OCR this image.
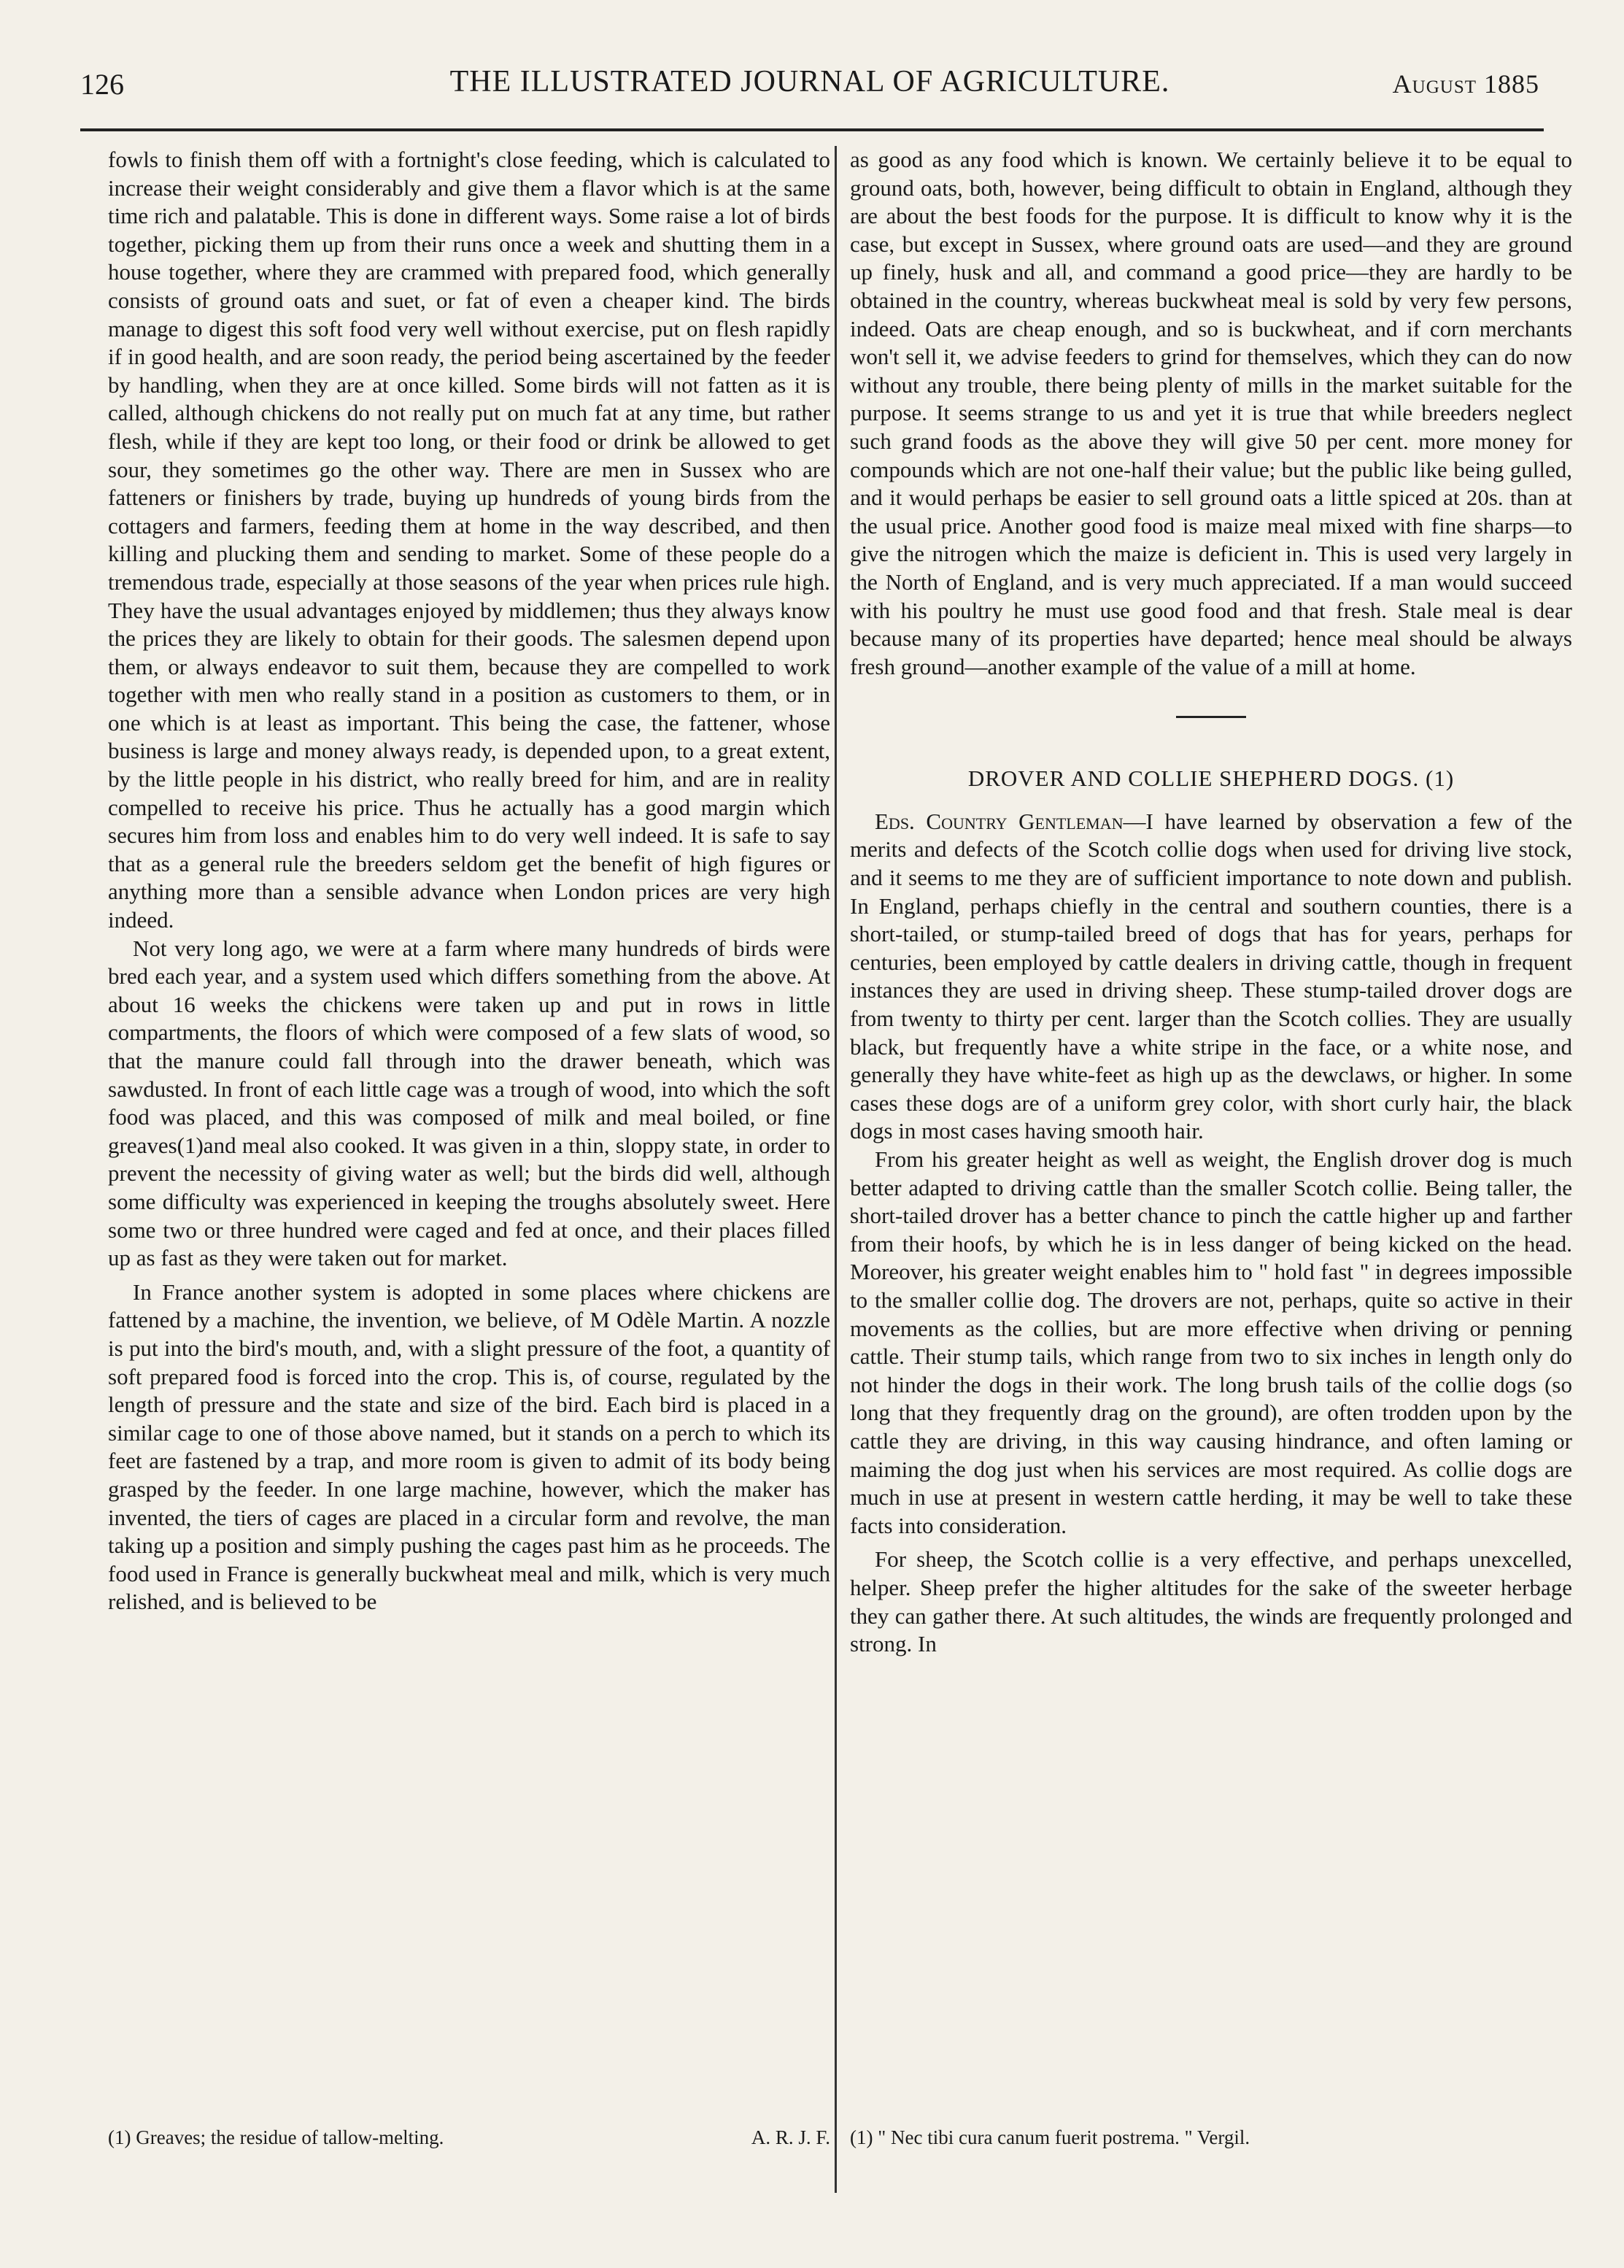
126	THE ILLUSTRATED JOURNAL OF AGRICULTURE.	August 1885

fowls to finish them off with a fortnight's close feeding, which is calculated to increase their weight considerably and give them a flavor which is at the same time rich and palatable. This is done in different ways. Some raise a lot of birds together, picking them up from their runs once a week and shutting them in a house together, where they are crammed with prepared food, which generally consists of ground oats and suet, or fat of even a cheaper kind. The birds manage to digest this soft food very well without exercise, put on flesh rapidly if in good health, and are soon ready, the period being ascertained by the feeder by handling, when they are at once killed. Some birds will not fatten as it is called, although chickens do not really put on much fat at any time, but rather flesh, while if they are kept too long, or their food or drink be allowed to get sour, they sometimes go the other way. There are men in Sussex who are fatteners or finishers by trade, buying up hundreds of young birds from the cottagers and farmers, feeding them at home in the way described, and then killing and plucking them and sending to market. Some of these people do a tremendous trade, especially at those seasons of the year when prices rule high. They have the usual advantages enjoyed by middlemen; thus they always know the prices they are likely to obtain for their goods. The salesmen depend upon them, or always endeavor to suit them, because they are compelled to work together with men who really stand in a position as customers to them, or in one which is at least as important. This being the case, the fattener, whose business is large and money always ready, is depended upon, to a great extent, by the little people in his district, who really breed for him, and are in reality compelled to receive his price. Thus he actually has a good margin which secures him from loss and enables him to do very well indeed. It is safe to say that as a general rule the breeders seldom get the benefit of high figures or anything more than a sensible advance when London prices are very high indeed.

Not very long ago, we were at a farm where many hundreds of birds were bred each year, and a system used which differs something from the above. At about 16 weeks the chickens were taken up and put in rows in little compartments, the floors of which were composed of a few slats of wood, so that the manure could fall through into the drawer beneath, which was sawdusted. In front of each little cage was a trough of wood, into which the soft food was placed, and this was composed of milk and meal boiled, or fine greaves(1)and meal also cooked. It was given in a thin, sloppy state, in order to prevent the necessity of giving water as well; but the birds did well, although some difficulty was experienced in keeping the troughs absolutely sweet. Here some two or three hundred were caged and fed at once, and their places filled up as fast as they were taken out for market.

In France another system is adopted in some places where chickens are fattened by a machine, the invention, we believe, of M Odèle Martin. A nozzle is put into the bird's mouth, and, with a slight pressure of the foot, a quantity of soft prepared food is forced into the crop. This is, of course, regulated by the length of pressure and the state and size of the bird. Each bird is placed in a similar cage to one of those above named, but it stands on a perch to which its feet are fastened by a trap, and more room is given to admit of its body being grasped by the feeder. In one large machine, however, which the maker has invented, the tiers of cages are placed in a circular form and revolve, the man taking up a position and simply pushing the cages past him as he proceeds. The food used in France is generally buckwheat meal and milk, which is very much relished, and is believed to be

as good as any food which is known. We certainly believe it to be equal to ground oats, both, however, being difficult to obtain in England, although they are about the best foods for the purpose. It is difficult to know why it is the case, but except in Sussex, where ground oats are used—and they are ground up finely, husk and all, and command a good price—they are hardly to be obtained in the country, whereas buckwheat meal is sold by very few persons, indeed. Oats are cheap enough, and so is buckwheat, and if corn merchants won't sell it, we advise feeders to grind for themselves, which they can do now without any trouble, there being plenty of mills in the market suitable for the purpose. It seems strange to us and yet it is true that while breeders neglect such grand foods as the above they will give 50 per cent. more money for compounds which are not one-half their value; but the public like being gulled, and it would perhaps be easier to sell ground oats a little spiced at 20s. than at the usual price. Another good food is maize meal mixed with fine sharps—to give the nitrogen which the maize is deficient in. This is used very largely in the North of England, and is very much appreciated. If a man would succeed with his poultry he must use good food and that fresh. Stale meal is dear because many of its properties have departed; hence meal should be always fresh ground—another example of the value of a mill at home.

DROVER AND COLLIE SHEPHERD DOGS. (1)

Eds. Country Gentleman—I have learned by observation a few of the merits and defects of the Scotch collie dogs when used for driving live stock, and it seems to me they are of sufficient importance to note down and publish. In England, perhaps chiefly in the central and southern counties, there is a short-tailed, or stump-tailed breed of dogs that has for years, perhaps for centuries, been employed by cattle dealers in driving cattle, though in frequent instances they are used in driving sheep. These stump-tailed drover dogs are from twenty to thirty per cent. larger than the Scotch collies. They are usually black, but frequently have a white stripe in the face, or a white nose, and generally they have white-feet as high up as the dewclaws, or higher. In some cases these dogs are of a uniform grey color, with short curly hair, the black dogs in most cases having smooth hair.

From his greater height as well as weight, the English drover dog is much better adapted to driving cattle than the smaller Scotch collie. Being taller, the short-tailed drover has a better chance to pinch the cattle higher up and farther from their hoofs, by which he is in less danger of being kicked on the head. Moreover, his greater weight enables him to " hold fast " in degrees impossible to the smaller collie dog. The drovers are not, perhaps, quite so active in their movements as the collies, but are more effective when driving or penning cattle. Their stump tails, which range from two to six inches in length only do not hinder the dogs in their work. The long brush tails of the collie dogs (so long that they frequently drag on the ground), are often trodden upon by the cattle they are driving, in this way causing hindrance, and often laming or maiming the dog just when his services are most required. As collie dogs are much in use at present in western cattle herding, it may be well to take these facts into consideration.

For sheep, the Scotch collie is a very effective, and perhaps unexcelled, helper. Sheep prefer the higher altitudes for the sake of the sweeter herbage they can gather there. At such altitudes, the winds are frequently prolonged and strong. In

(1) Greaves; the residue of tallow-melting.	A. R. J. F. (1) " Nec tibi cura canum fuerit postrema. " Vergil.
